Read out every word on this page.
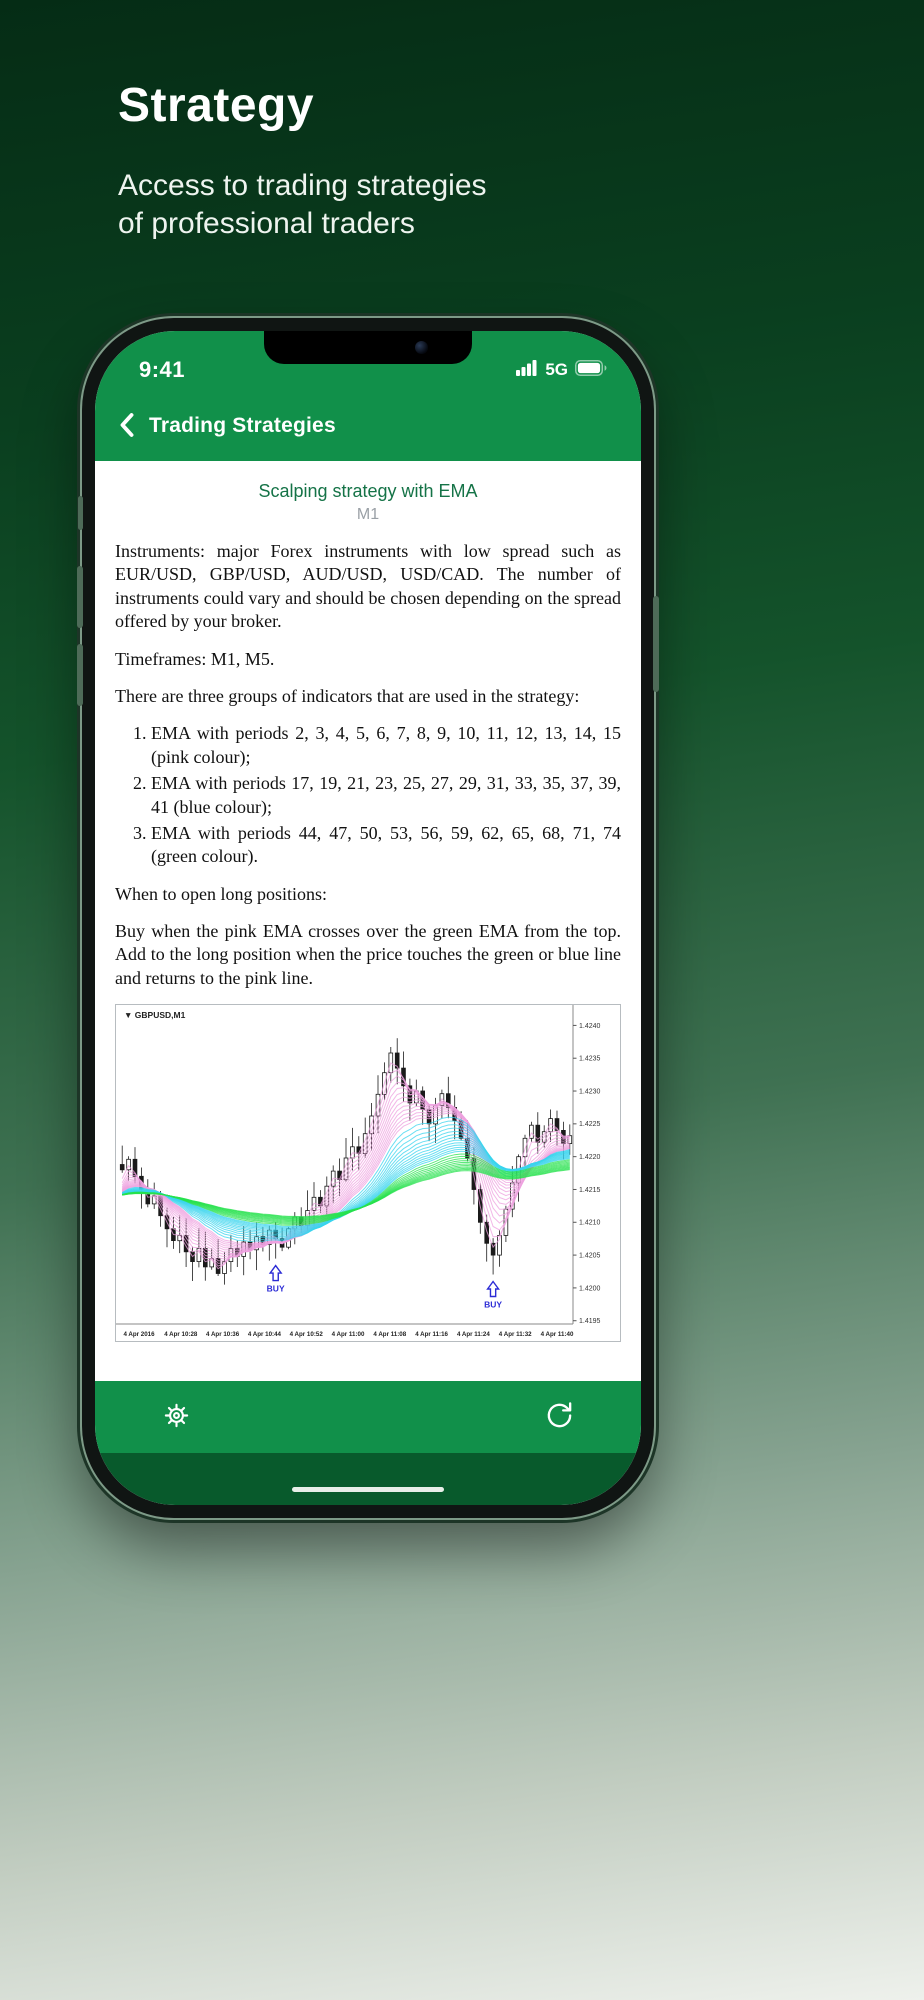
Strategy

Access to trading strategies
of professional traders

9:41	5G
Trading Strategies
Scalping strategy with EMA
M1

Instruments: major Forex instruments with low spread such as EUR/USD, GBP/USD, AUD/USD, USD/CAD. The number of instruments could vary and should be chosen depending on the spread offered by your broker.

Timeframes: M1, M5.

There are three groups of indicators that are used in the strategy:

1. EMA with periods 2, 3, 4, 5, 6, 7, 8, 9, 10, 11, 12, 13, 14, 15 (pink colour);
2. EMA with periods 17, 19, 21, 23, 25, 27, 29, 31, 33, 35, 37, 39, 41 (blue colour);
3. EMA with periods 44, 47, 50, 53, 56, 59, 62, 65, 68, 71, 74 (green colour).

When to open long positions:

Buy when the pink EMA crosses over the green EMA from the top. Add to the long position when the price touches the green or blue line and returns to the pink line.

1.4240
1.4235
1.4230
1.4225
1.4220
1.4215
1.4210
1.4205
1.4200
1.4195
BUY
BUY
▼ GBPUSD,M1
4 Apr 2016 4 Apr 10:28 4 Apr 10:36 4 Apr 10:44 4 Apr 10:52 4 Apr 11:00 4 Apr 11:08 4 Apr 11:16 4 Apr 11:24 4 Apr 11:32 4 Apr 11:40
